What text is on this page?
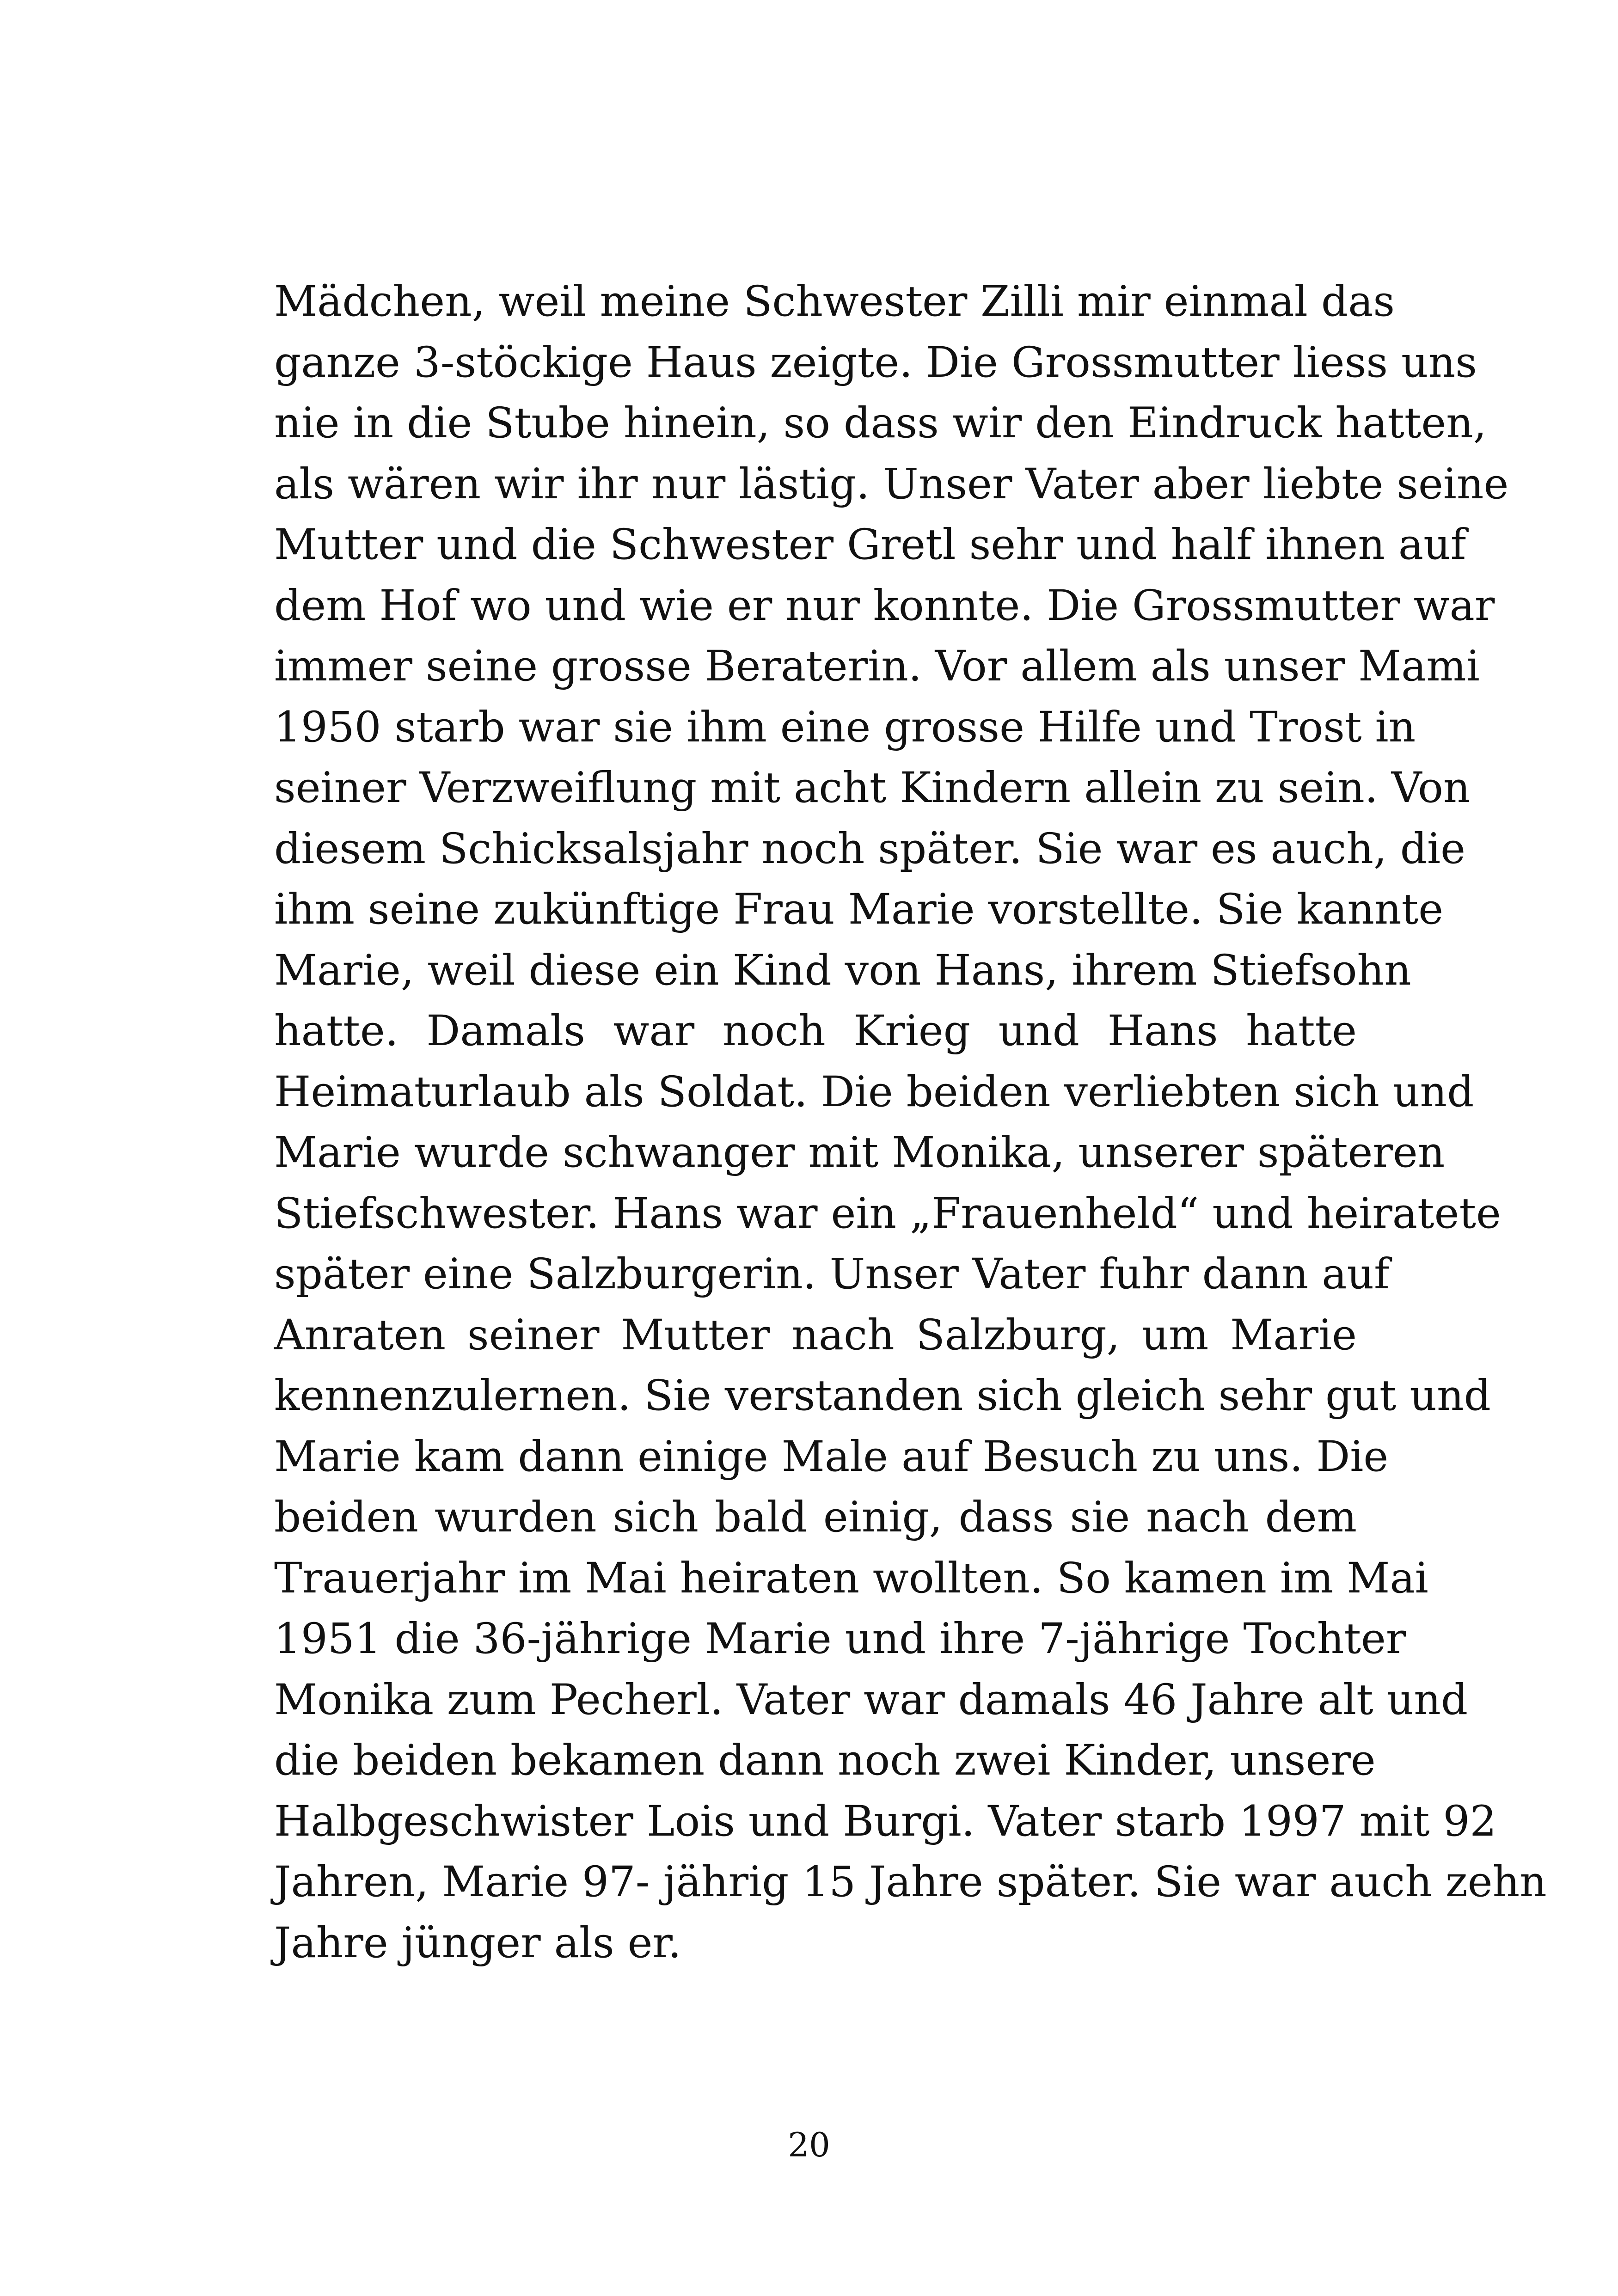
Mädchen, weil meine Schwester Zilli mir einmal das
ganze 3-stöckige Haus zeigte. Die Grossmutter liess uns
nie in die Stube hinein, so dass wir den Eindruck hatten,
als wären wir ihr nur lästig. Unser Vater aber liebte seine
Mutter und die Schwester Gretl sehr und half ihnen auf
dem Hof wo und wie er nur konnte. Die Grossmutter war
immer seine grosse Beraterin. Vor allem als unser Mami
1950 starb war sie ihm eine grosse Hilfe und Trost in
seiner Verzweiflung mit acht Kindern allein zu sein. Von
diesem Schicksalsjahr noch später. Sie war es auch, die
ihm seine zukünftige Frau Marie vorstellte. Sie kannte
Marie, weil diese ein Kind von Hans, ihrem Stiefsohn
hatte. Damals war noch Krieg und Hans hatte
Heimaturlaub als Soldat. Die beiden verliebten sich und
Marie wurde schwanger mit Monika, unserer späteren
Stiefschwester. Hans war ein „Frauenheld“ und heiratete
später eine Salzburgerin. Unser Vater fuhr dann auf
Anraten seiner Mutter nach Salzburg, um Marie
kennenzulernen. Sie verstanden sich gleich sehr gut und
Marie kam dann einige Male auf Besuch zu uns. Die
beiden wurden sich bald einig, dass sie nach dem
Trauerjahr im Mai heiraten wollten. So kamen im Mai
1951 die 36-jährige Marie und ihre 7-jährige Tochter
Monika zum Pecherl. Vater war damals 46 Jahre alt und
die beiden bekamen dann noch zwei Kinder, unsere
Halbgeschwister Lois und Burgi. Vater starb 1997 mit 92
Jahren, Marie 97- jährig 15 Jahre später. Sie war auch zehn
Jahre jünger als er.
20
